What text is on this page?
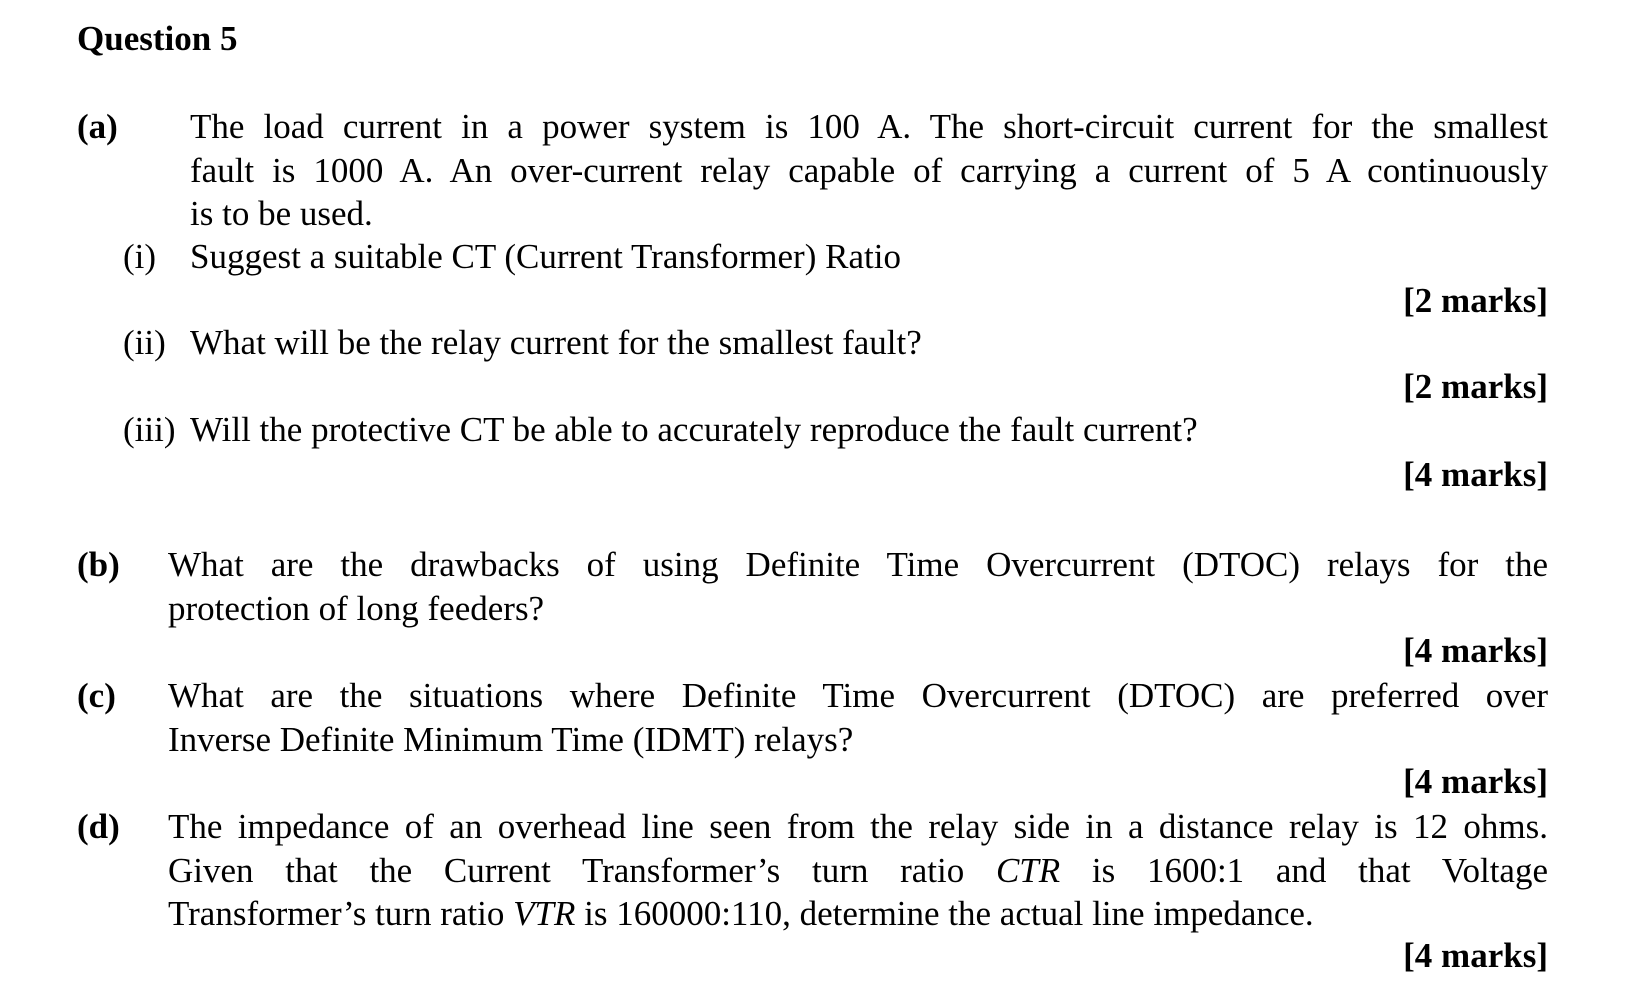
Question 5
(a) The load current in a power system is 100 A. The short-circuit current for the smallest
fault is 1000 A. An over-current relay capable of carrying a current of 5 A continuously
is to be used.
(i) Suggest a suitable CT (Current Transformer) Ratio
[2 marks]
(ii) What will be the relay current for the smallest fault?
[2 marks]
(iii) Will the protective CT be able to accurately reproduce the fault current?
[4 marks]
(b) What are the drawbacks of using Definite Time Overcurrent (DTOC) relays for the
protection of long feeders?
[4 marks]
(c) What are the situations where Definite Time Overcurrent (DTOC) are preferred over
Inverse Definite Minimum Time (IDMT) relays?
[4 marks]
(d) The impedance of an overhead line seen from the relay side in a distance relay is 12 ohms.
Given that the Current Transformer’s turn ratio CTR is 1600:1 and that Voltage
Transformer’s turn ratio VTR is 160000:110, determine the actual line impedance.
[4 marks]
